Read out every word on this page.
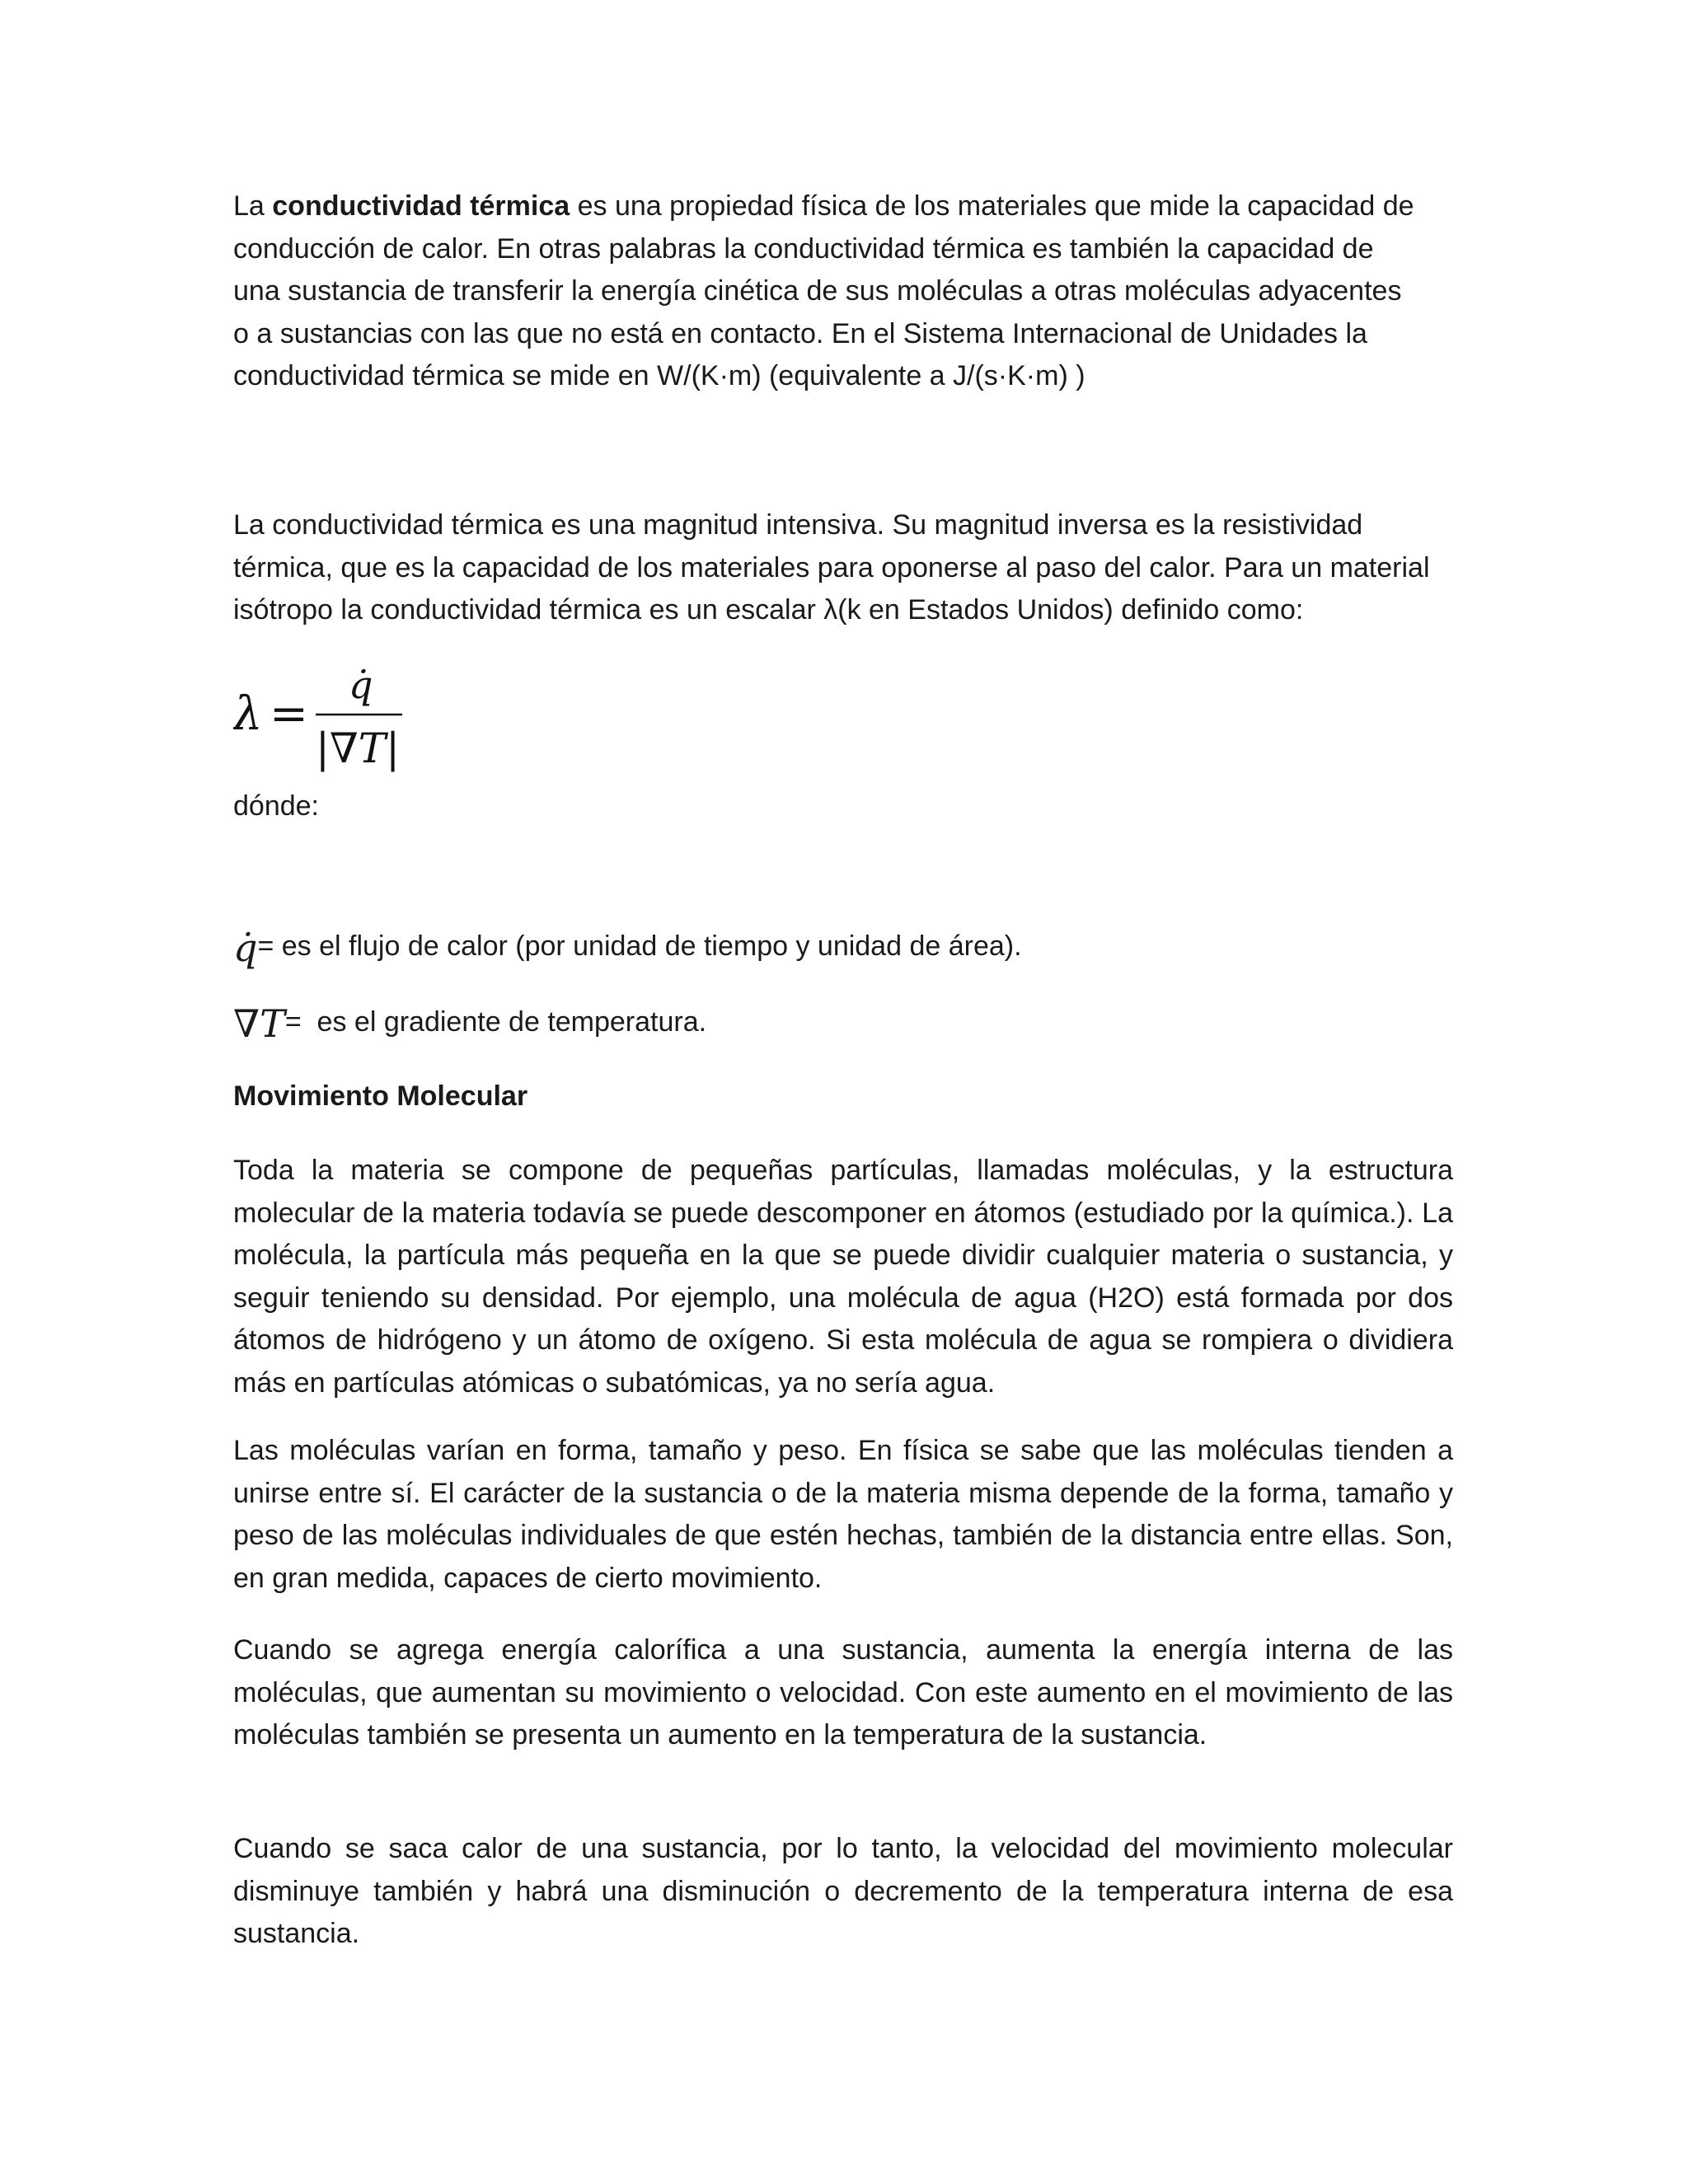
La conductividad térmica es una propiedad física de los materiales que mide la capacidad de conducción de calor. En otras palabras la conductividad térmica es también la capacidad de una sustancia de transferir la energía cinética de sus moléculas a otras moléculas adyacentes o a sustancias con las que no está en contacto. En el Sistema Internacional de Unidades la conductividad térmica se mide en W/(K·m) (equivalente a J/(s·K·m) )

La conductividad térmica es una magnitud intensiva. Su magnitud inversa es la resistividad térmica, que es la capacidad de los materiales para oponerse al paso del calor. Para un material isótropo la conductividad térmica es un escalar λ(k en Estados Unidos) definido como:

λ =
q̇
|∇T|

dónde:

q̇ = es el flujo de calor (por unidad de tiempo y unidad de área).
∇T =  es el gradiente de temperatura.

Movimiento Molecular

Toda la materia se compone de pequeñas partículas, llamadas moléculas, y la estructura molecular de la materia todavía se puede descomponer en átomos (estudiado por la química.). La molécula, la partícula más pequeña en la que se puede dividir cualquier materia o sustancia, y seguir teniendo su densidad. Por ejemplo, una molécula de agua (H2O) está formada por dos átomos de hidrógeno y un átomo de oxígeno. Si esta molécula de agua se rompiera o dividiera más en partículas atómicas o subatómicas, ya no sería agua.

Las moléculas varían en forma, tamaño y peso. En física se sabe que las moléculas tienden a unirse entre sí. El carácter de la sustancia o de la materia misma depende de la forma, tamaño y peso de las moléculas individuales de que estén hechas, también de la distancia entre ellas. Son, en gran medida, capaces de cierto movimiento.

Cuando se agrega energía calorífica a una sustancia, aumenta la energía interna de las moléculas, que aumentan su movimiento o velocidad. Con este aumento en el movimiento de las moléculas también se presenta un aumento en la temperatura de la sustancia.

Cuando se saca calor de una sustancia, por lo tanto, la velocidad del movimiento molecular disminuye también y habrá una disminución o decremento de la temperatura interna de esa sustancia.
